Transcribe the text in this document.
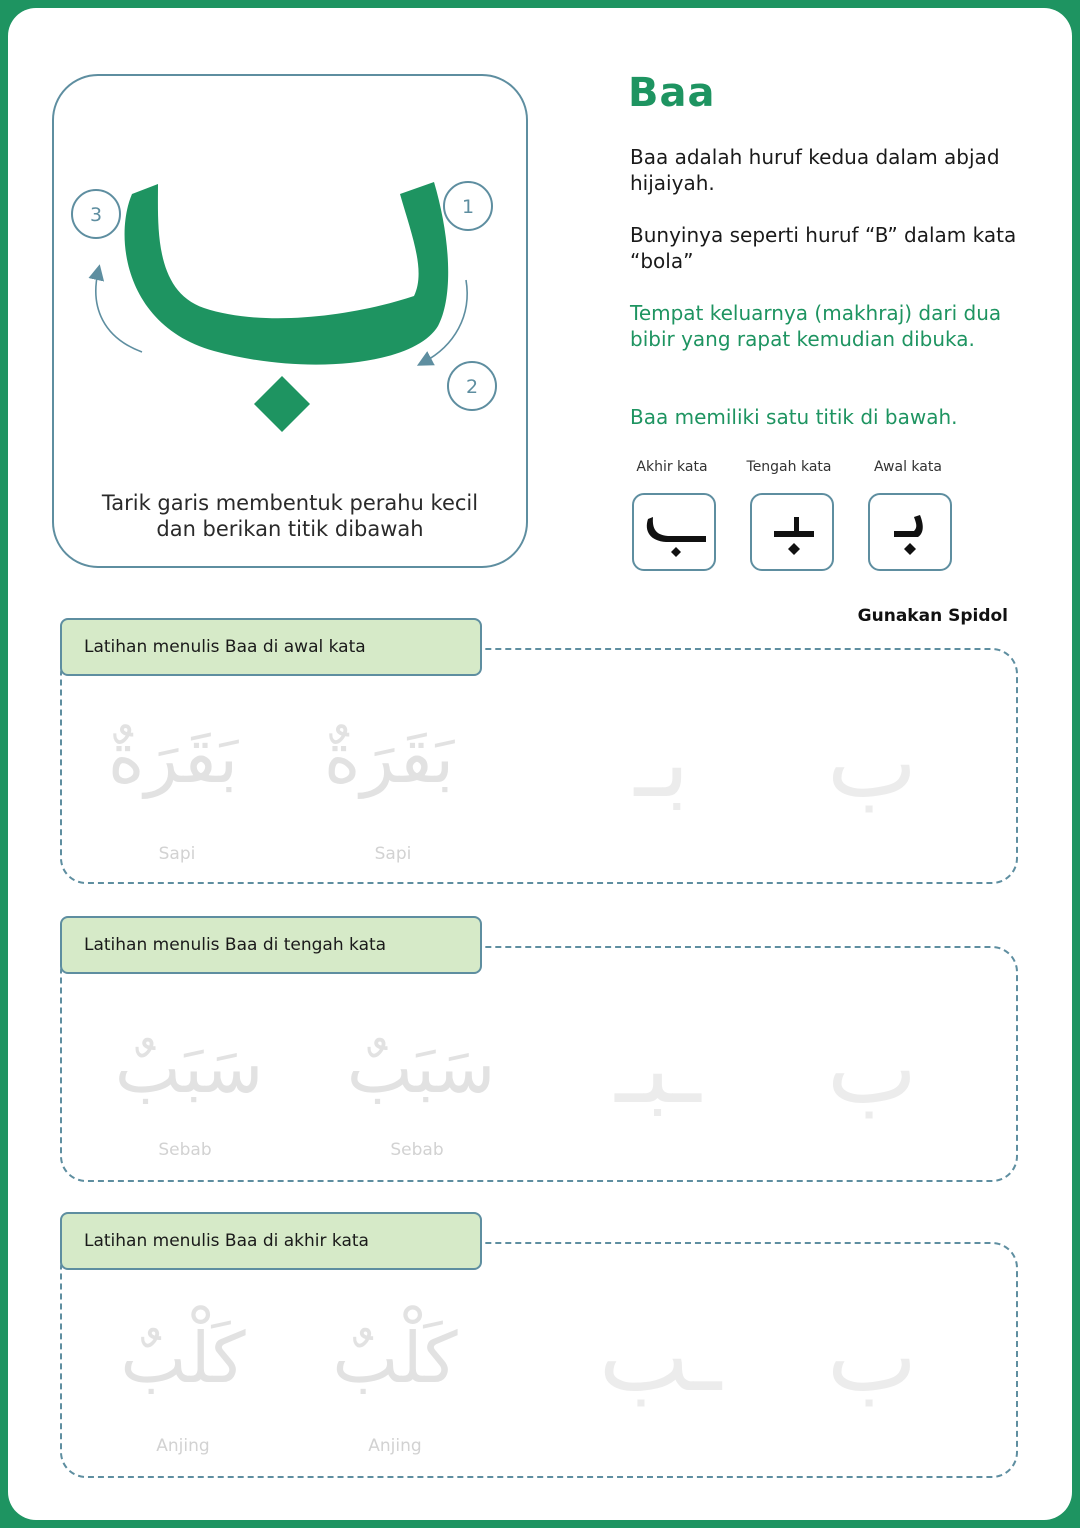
3	1
2
Tarik garis membentuk perahu kecil
dan berikan titik dibawah
Baa
Baa adalah huruf kedua dalam abjad hijaiyah.
Bunyinya seperti huruf “B” dalam kata “bola”
Tempat keluarnya (makhraj) dari dua bibir yang rapat kemudian dibuka.
Baa memiliki satu titik di bawah.
Akhir kata	Tengah kata	Awal kata
Gunakan Spidol
Latihan menulis Baa di awal kata
بَقَرَةٌ
Sapi
بَقَرَةٌ
Sapi
بـ	ب
Latihan menulis Baa di tengah kata
سَبَبٌ
Sebab
سَبَبٌ
Sebab
ـبـ ب
Latihan menulis Baa di akhir kata
كَلْبٌ
Anjing
كَلْبٌ
Anjing
ـب ب
